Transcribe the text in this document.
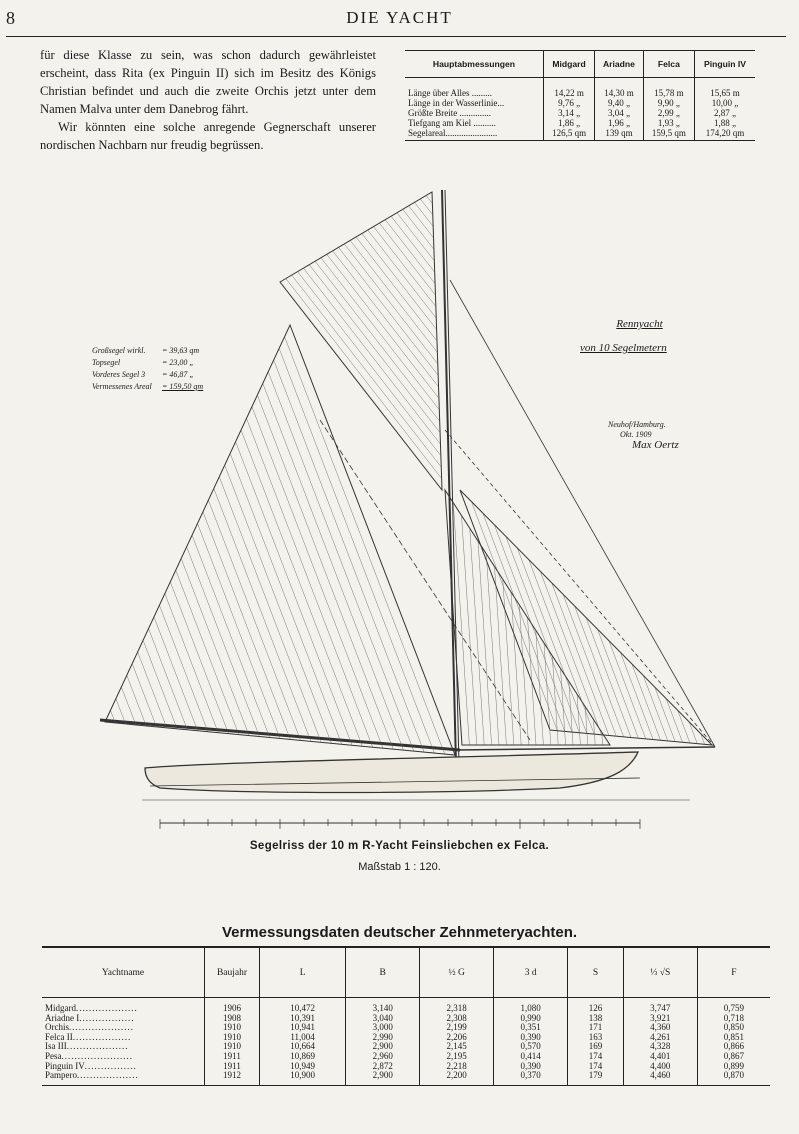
8	DIE YACHT

für diese Klasse zu sein, was schon dadurch gewährleistet erscheint, dass Rita (ex Pinguin II) sich im Besitz des Königs Christian befindet und auch die zweite Orchis jetzt unter dem Namen Malva unter dem Danebrog fährt.

Wir könnten eine solche anregende Gegnerschaft unserer nordischen Nachbarn nur freudig begrüssen.

Hauptabmessungen	Midgard	Ariadne	Felca	Pinguin IV
Länge über Alles .........	14,22 m	14,30 m	15,78 m	15,65 m
Länge in der Wasserlinie...	9,76 „	9,40 „	9,90 „	10,00 „
Größte Breite ..............	3,14 „	3,04 „	2,99 „	2,87 „
Tiefgang am Kiel ..........	1,86 „	1,96 „	1,93 „	1,88 „
Segelareal.......................	126,5 qm	139 qm	159,5 qm	174,20 qm
Großsegel wirkl.	= 39,63 qm
Topsegel	= 23,00 „
Vorderes Segel 3	= 46,87 „
Vermessenes Areal	= 159,50 qm
Rennyacht
von 10 Segelmetern
Neuhof/Hamburg.
Okt. 1909
Max Oertz
Segelriss der 10 m R-Yacht Feinsliebchen ex Felca.
Maßstab 1 : 120.
Vermessungsdaten deutscher Zehnmeteryachten.
Yachtname	Baujahr	L	B	½ G	3 d	S	⅓ √S	F
Midgard...................	1906	10,472	3,140	2,318	1,080	126	3,747	0,759
Ariadne I.................	1908	10,391	3,040	2,308	0,990	138	3,921	0,718
Orchis....................	1910	10,941	3,000	2,199	0,351	171	4,360	0,850
Felca II..................	1910	11,004	2,990	2,206	0,390	163	4,261	0,851
Isa III...................	1910	10,664	2,900	2,145	0,570	169	4,328	0,866
Pesa......................	1911	10,869	2,960	2,195	0,414	174	4,401	0,867
Pinguin IV................	1911	10,949	2,872	2,218	0,390	174	4,400	0,899
Pampero...................	1912	10,900	2,900	2,200	0,370	179	4,460	0,870
